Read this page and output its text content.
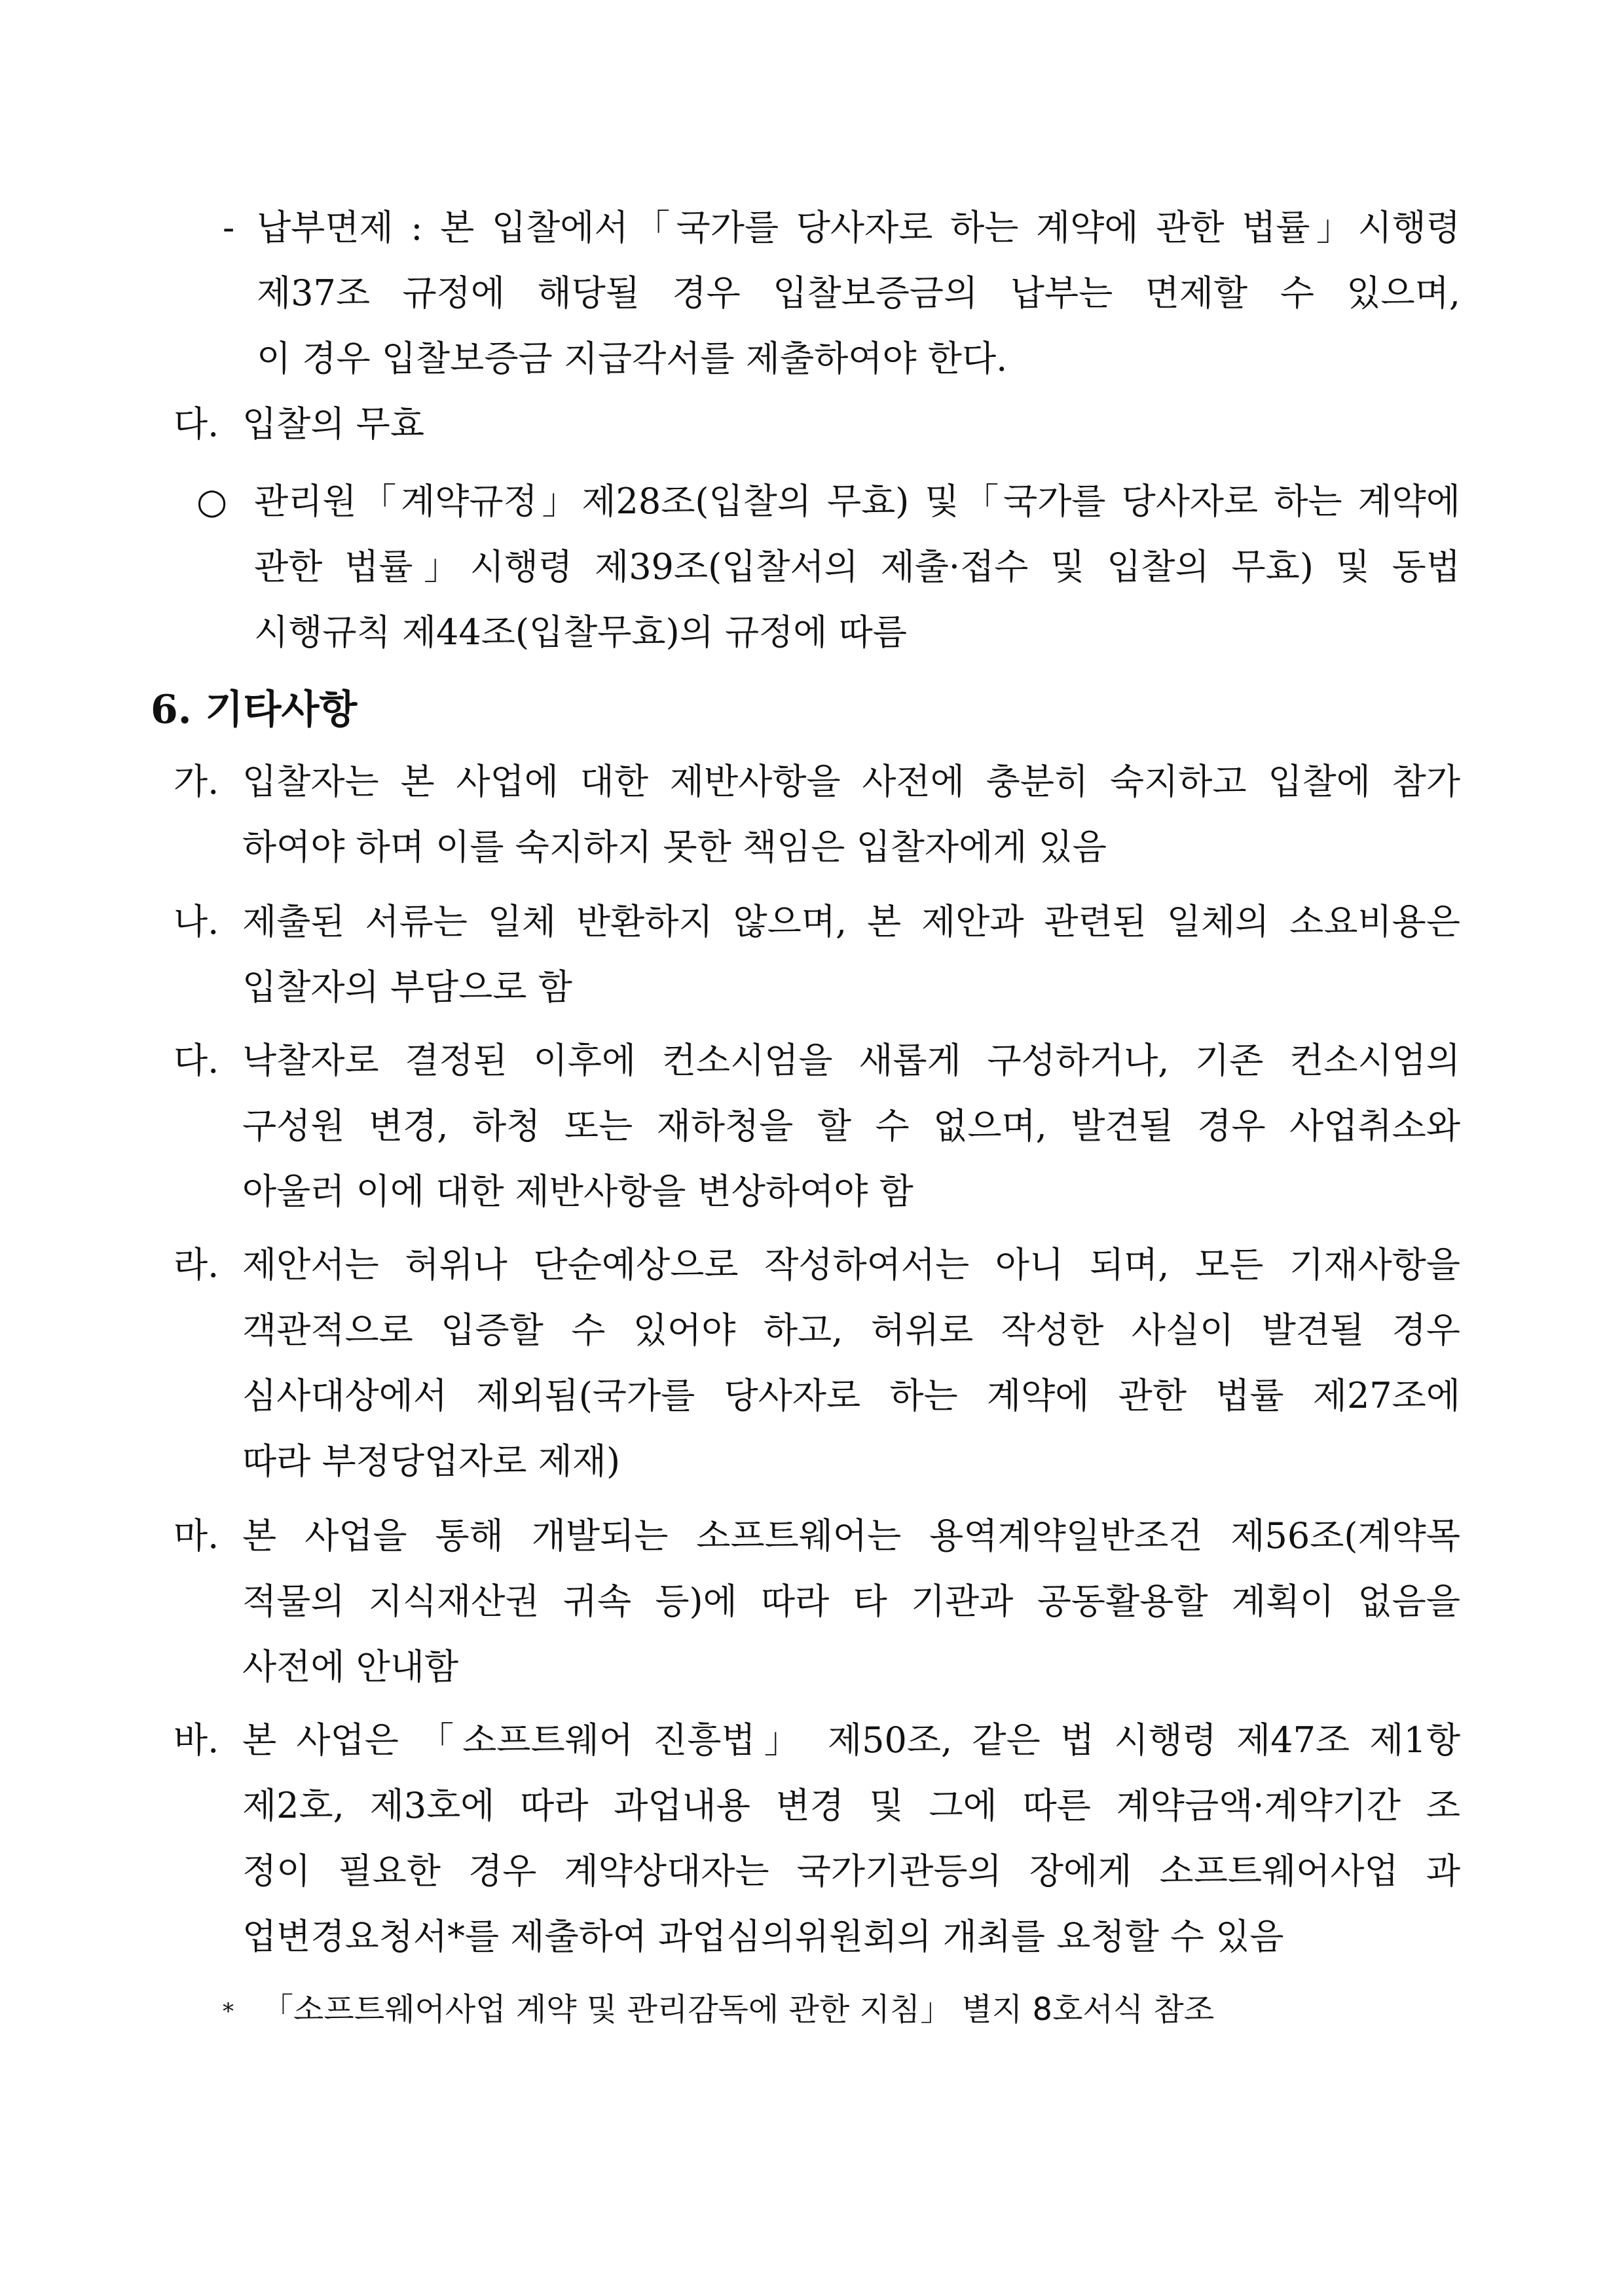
- 납부면제 : 본 입찰에서「국가를 당사자로 하는 계약에 관한 법률」시행령
제37조 규정에 해당될 경우 입찰보증금의 납부는 면제할 수 있으며,
이 경우 입찰보증금 지급각서를 제출하여야 한다.
다. 입찰의 무효
○ 관리원「계약규정」제28조(입찰의 무효) 및「국가를 당사자로 하는 계약에
관한 법률」시행령 제39조(입찰서의 제출·접수 및 입찰의 무효) 및 동법
시행규칙 제44조(입찰무효)의 규정에 따름
6. 기타사항
가. 입찰자는 본 사업에 대한 제반사항을 사전에 충분히 숙지하고 입찰에 참가
하여야 하며 이를 숙지하지 못한 책임은 입찰자에게 있음
나. 제출된 서류는 일체 반환하지 않으며, 본 제안과 관련된 일체의 소요비용은
입찰자의 부담으로 함
다. 낙찰자로 결정된 이후에 컨소시엄을 새롭게 구성하거나, 기존 컨소시엄의
구성원 변경, 하청 또는 재하청을 할 수 없으며, 발견될 경우 사업취소와
아울러 이에 대한 제반사항을 변상하여야 함
라. 제안서는 허위나 단순예상으로 작성하여서는 아니 되며, 모든 기재사항을
객관적으로 입증할 수 있어야 하고, 허위로 작성한 사실이 발견될 경우
심사대상에서 제외됨(국가를 당사자로 하는 계약에 관한 법률 제27조에
따라 부정당업자로 제재)
마. 본 사업을 통해 개발되는 소프트웨어는 용역계약일반조건 제56조(계약목
적물의 지식재산권 귀속 등)에 따라 타 기관과 공동활용할 계획이 없음을
사전에 안내함
바. 본 사업은 「소프트웨어 진흥법」 제50조, 같은 법 시행령 제47조 제1항
제2호, 제3호에 따라 과업내용 변경 및 그에 따른 계약금액·계약기간 조
정이 필요한 경우 계약상대자는 국가기관등의 장에게 소프트웨어사업 과
업변경요청서*를 제출하여 과업심의위원회의 개최를 요청할 수 있음
* 「소프트웨어사업 계약 및 관리감독에 관한 지침」 별지 8호서식 참조
